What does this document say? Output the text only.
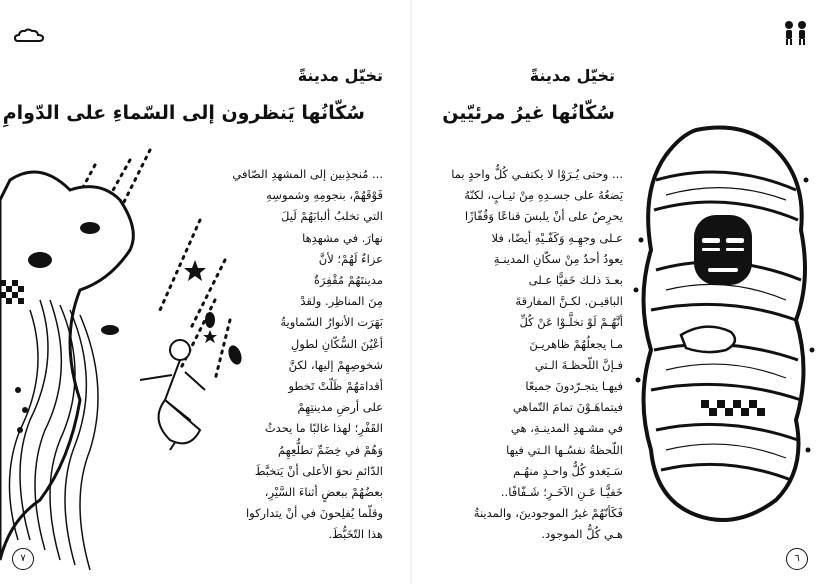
تخيّل مدينةً
سُكّانُها يَنظرون إلى السّماءِ على الدّوامِ
... مُنجذِبين إلى المشهدِ الصّافي
فَوْقَهُمْ، بنجومِهِ وشموسِهِ
التي تخلبُ ألبابَهُمْ لَيلَ
نهارَ. في مشهدِها
عزاءٌ لَهُمْ؛ لأنَّ
مدينتَهُمْ مُقْفِرَةٌ
مِنَ المناظِر. ولقدْ
بَهَرَت الأنوارُ السّماويةُ
أعْيُنَ السُّكّانِ لطولِ
شخوصِهِمْ إليها، لكنَّ
أقدامَهُمْ ظَلّتْ تَخطو
على أرضِ مدينتِهِمْ
القَفْرِ؛ لهذا غالبًا ما يحدثُ
وَهُمْ في خِضَمِّ تطلُّعِهِمُ
الدّائمِ نحوَ الأعلى أنْ يَتخبَّطَ
بعضُهُمْ ببعضٍ أثناءَ السَّيْرِ،
وقلّما يُفلِحونَ في أنْ يتداركوا
هذا التّخَبُّطَ.
٧
تخيّل مدينةً
سُكّانُها غيرُ مرئيّين
... وحتى يُـرَوْا لا يكتفـي كُلُّ واحدٍ بما
يَضعُهُ على جسـدِهِ مِنْ ثيـابٍ، لكنّهُ
يحرِصُ على أنْ يلبسَ قناعًا وَقُفّازًا
عـلى وجهِـهِ وَكَفّـيْهِ أيضًا، فلا
يعودُ أحدٌ مِنْ سكّانِ المدينـةِ
بعـدَ ذلـك خَفيًّا عـلى
الباقيـن. لكـنَّ المفارقةَ
أنَّهُـمْ لَوْ تخلَّـوْا عَنْ كُلِّ
مـا يجعلُهُمْ ظاهريـنَ
فـإنَّ اللّحظـةَ الـتي
فيهـا يتجـرّدونَ جميعًا
فيتماهَـوْنَ تمامَ التّماهي
في مشـهدِ المدينـةِ، هي
اللّحظةُ نفسُـها الـتي فيها
سَـيَغدو كُلُّ واحـدٍ منهُـم
خَفيًّـا عَـنِ الآخَـرِ؛ شَـفّافًا..
فَكَأنّهُمْ غيرُ الموجودينَ، والمدينةُ
هـي كُلُّ الموجود.
٦
